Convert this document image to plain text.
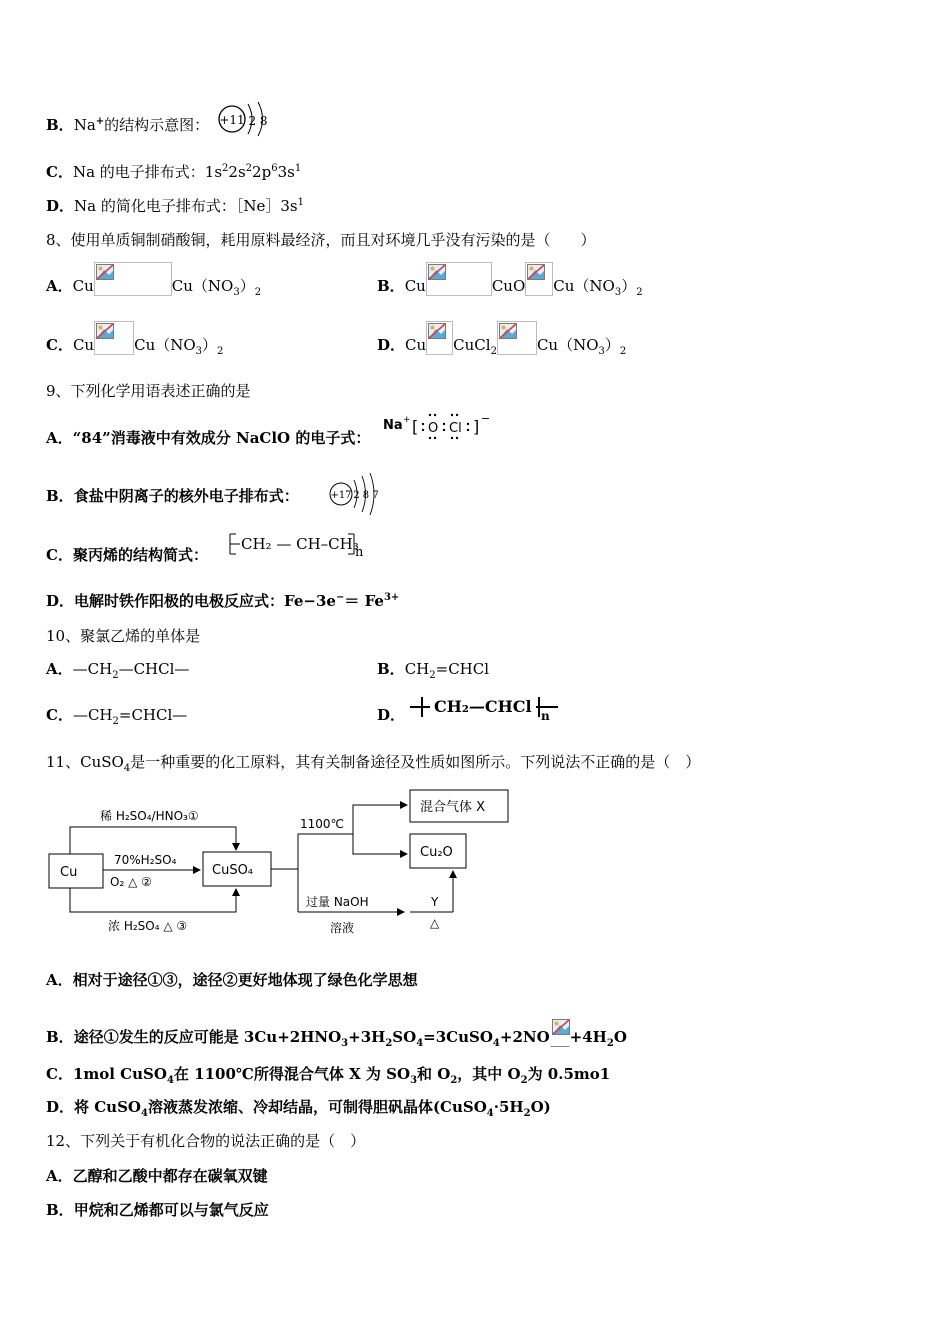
B．Na+的结构示意图： +11 2 8
C．Na 的电子排布式：$1s^22s^22p^63s^1$
D．Na 的简化电子排布式：$[Ne]3s^1$
8、使用单质铜制硝酸铜，耗用原料最经济，而且对环境几乎没有污染的是（　　）
A．Cu	$Cu(NO_3)_2$	B．Cu	CuO $Cu(NO_3)_2$
C．Cu	$Cu(NO_3)_2$	D．Cu CuCl$_2$	$Cu(NO_3)_2$
9、下列化学用语表述正确的是
A．“84”消毒液中有效成分 NaClO 的电子式：
Na + [ O Cl ] −
B．食盐中阴离子的核外电子排布式：	+17 2 8 7
C．聚丙烯的结构简式：
CH₂ — CH–CH₃
n
D．电解时铁作阳极的电极反应式：$Fe-3e^-= Fe^{3+}$
10、聚氯乙烯的单体是
A．$—CH_2—CHCl—$	B．$CH_2=CHCl$
C．$—CH_2=CHCl—$	D． CH₂—CHCl n
11、CuSO$_4$是一种重要的化工原料，其有关制备途径及性质如图所示。下列说法不正确的是（　）
Cu	CuSO₄
稀 H₂SO₄/HNO₃①
70%H₂SO₄
O₂ △ ②
浓 H₂SO₄ △ ③
1100℃
混合气体 X
Cu₂O
过量 NaOH
溶液
Y
△
A．相对于途径①③，途径②更好地体现了绿色化学思想
B．途径①发生的反应可能是 $3Cu+2HNO_3+3H_2SO_4=3CuSO_4+2NO +4H_2O$
C．1mol CuSO$_4$在 1100℃所得混合气体 X 为 $SO_3$和 $O_2$，其中 $O_2$为 0.5mo1
D．将 CuSO$_4$溶液蒸发浓缩、冷却结晶，可制得胆矾晶体$(CuSO_4\cdot 5H_2O)$
12、下列关于有机化合物的说法正确的是（　）
A．乙醇和乙酸中都存在碳氧双键
B．甲烷和乙烯都可以与氯气反应
